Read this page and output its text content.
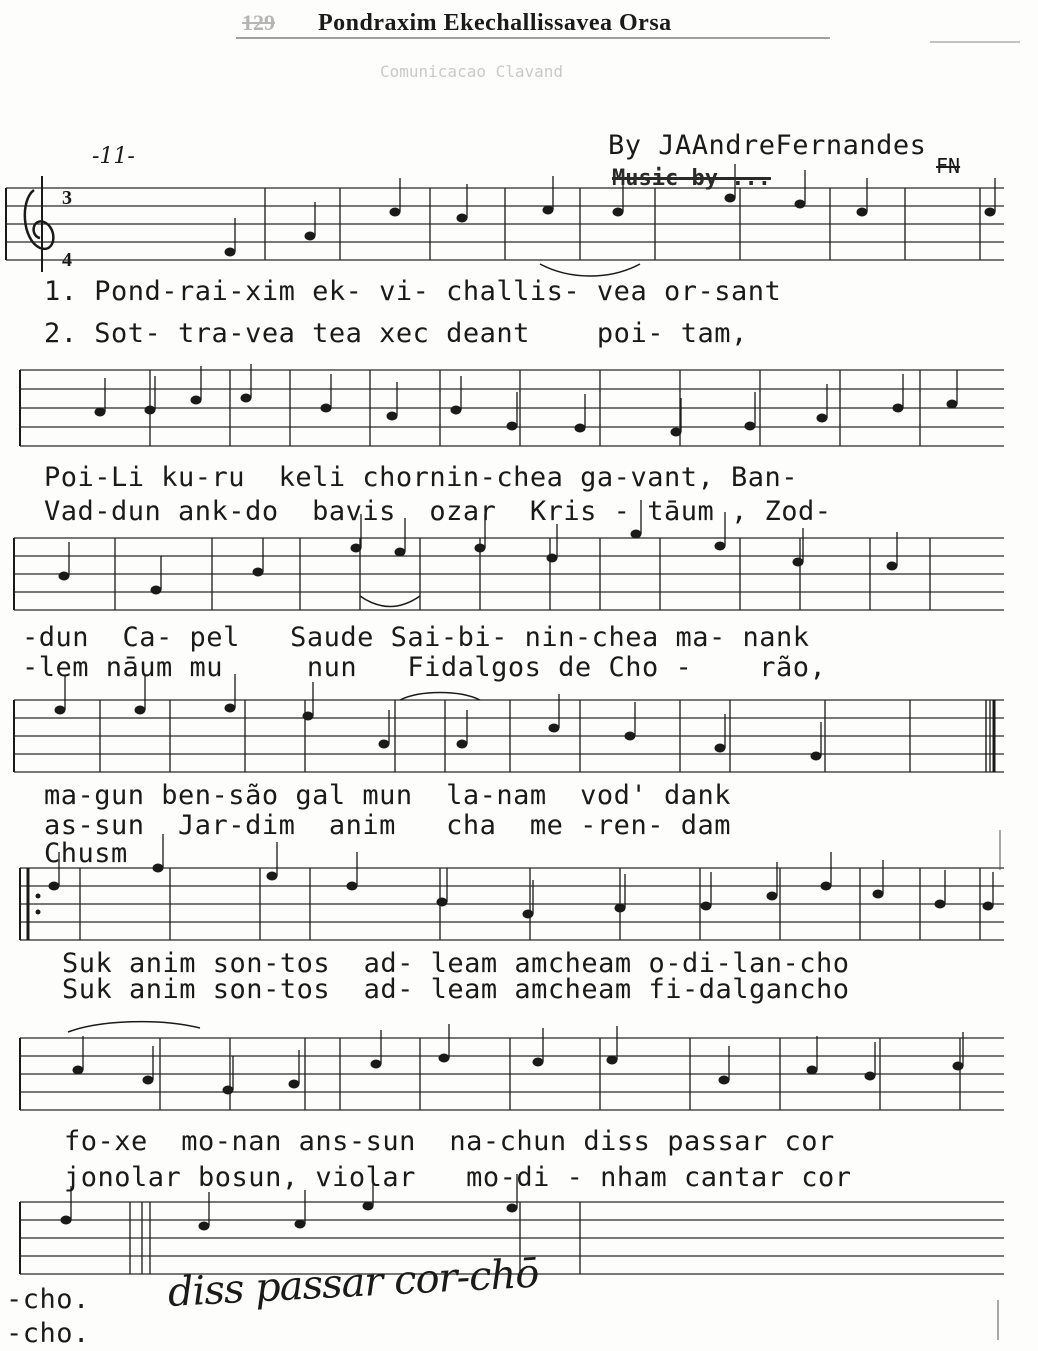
3
4
129 Pondraxim Ekechallissavea Orsa
Comunicacao Clavand
By JAAndreFernandes
Music by ...	FN
-11-
1. Pond-rai-xim ek- vi- challis- vea or-sant
2. Sot- tra-vea tea xec deant    poi- tam,
Poi-Li ku-ru  keli chornin-chea ga-vant, Ban-
Vad-dun ank-do  bavis  ozar  Kris - tāum , Zod-
-dun  Ca- pel   Saude Sai-bi- nin-chea ma- nank
-lem nāum mu     nun   Fidalgos de Cho -    rão,
ma-gun ben-são gal mun  la-nam  vod' dank
as-sun  Jar-dim  anim   cha  me -ren- dam
Chusm
Suk anim son-tos  ad- leam amcheam o-di-lan-cho
Suk anim son-tos  ad- leam amcheam fi-dalgancho
fo-xe  mo-nan ans-sun  na-chun diss passar cor
jonolar bosun, violar   mo-di - nham cantar cor
-cho.
-cho.
diss passar cor-chō
